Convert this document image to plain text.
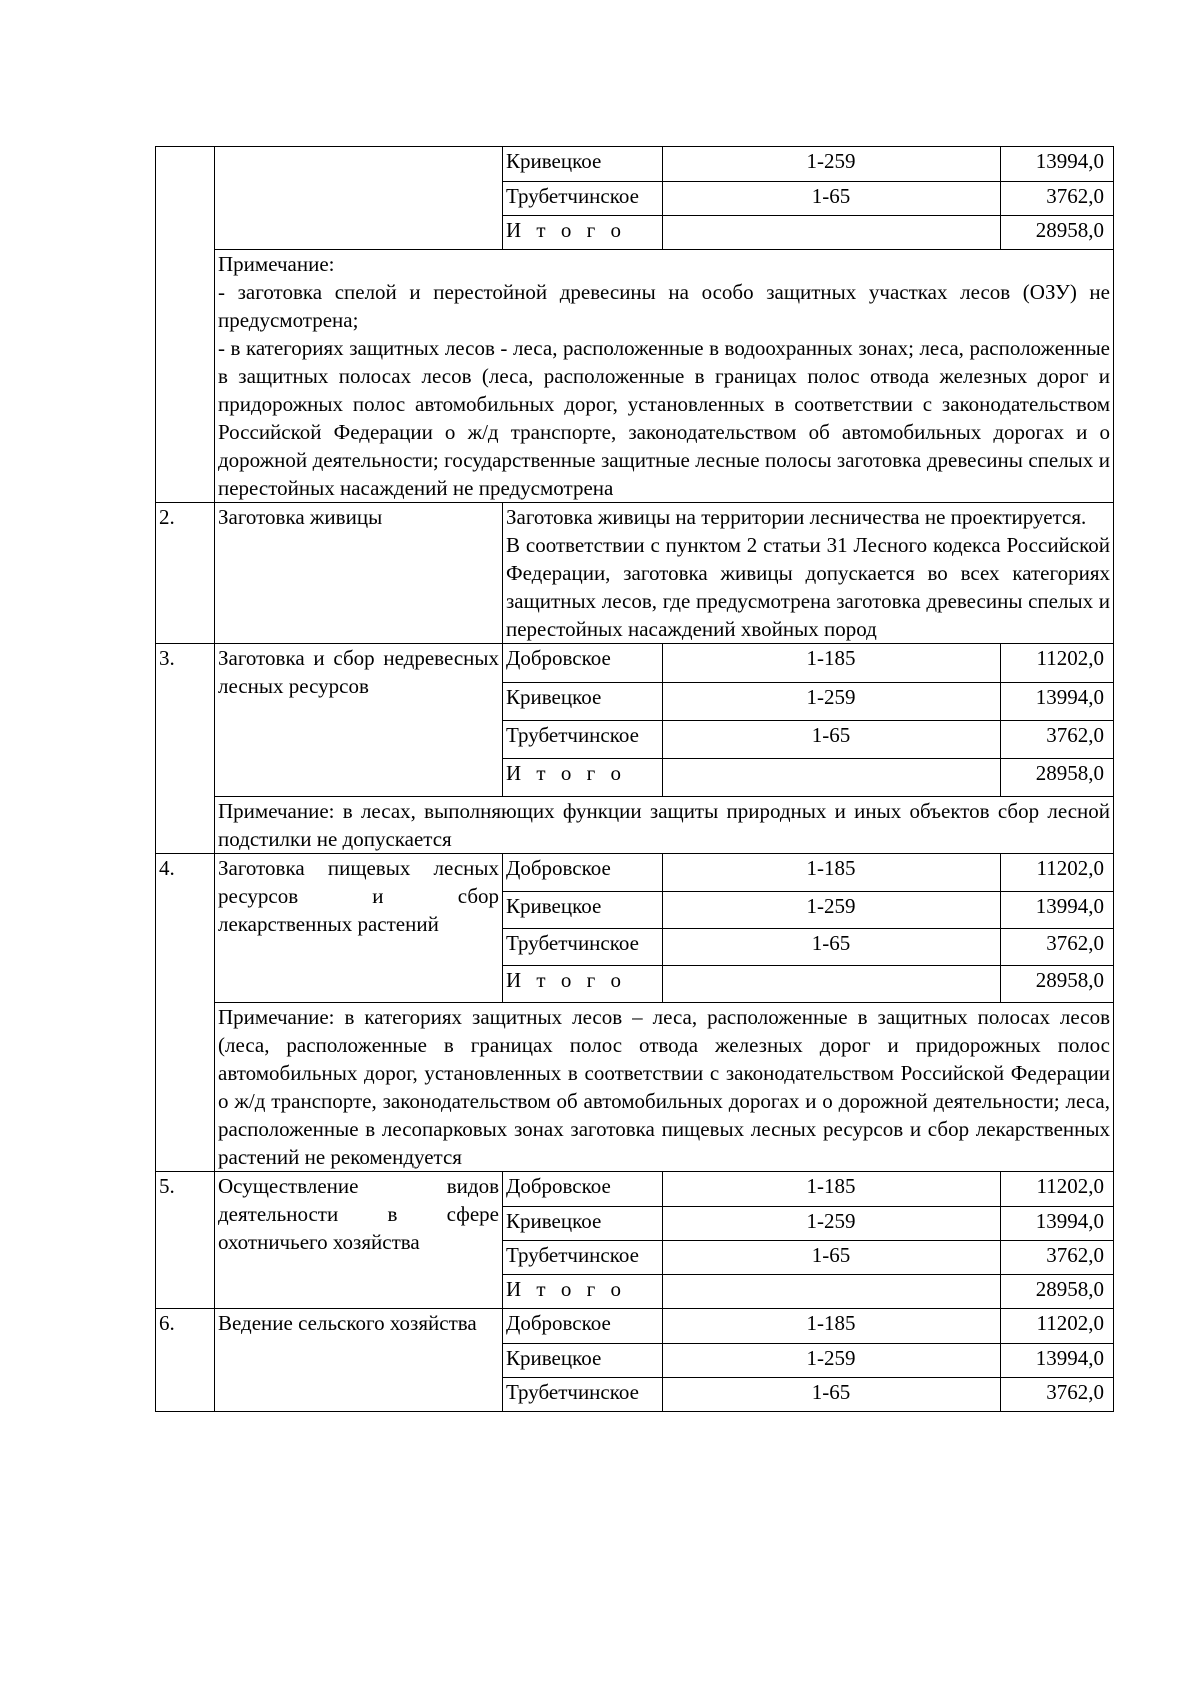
Кривецкое	1-259	13994,0
Трубетчинское	1-65	3762,0
И т о г о		28958,0

Примечание:
- заготовка спелой и перестойной древесины на особо защитных участках лесов (ОЗУ) не предусмотрена;
- в категориях защитных лесов - леса, расположенные в водоохранных зонах; леса, расположенные в защитных полосах лесов (леса, расположенные в границах полос отвода железных дорог и придорожных полос автомобильных дорог, установленных в соответствии с законодательством Российской Федерации о ж/д транспорте, законодательством об автомобильных дорогах и о дорожной деятельности; государственные защитные лесные полосы заготовка древесины спелых и перестойных насаждений не предусмотрена

2.	Заготовка живицы	Заготовка живицы на территории лесничества не проектируется.
В соответствии с пунктом 2 статьи 31 Лесного кодекса Российской Федерации, заготовка живицы допускается во всех категориях защитных лесов, где предусмотрена заготовка древесины спелых и перестойных насаждений хвойных пород

3.	Заготовка и сбор недревесных лесных ресурсов	
Добровское	1-185	11202,0
Кривецкое	1-259	13994,0
Трубетчинское	1-65	3762,0
И т о г о		28958,0

Примечание: в лесах, выполняющих функции защиты природных и иных объектов сбор лесной подстилки не допускается
4.	Заготовка пищевых лесных ресурсов и сбор лекарственных растений	
Добровское	1-185	11202,0
Кривецкое	1-259	13994,0
Трубетчинское	1-65	3762,0
И т о г о		28958,0

Примечание: в категориях защитных лесов – леса, расположенные в защитных полосах лесов (леса, расположенные в границах полос отвода железных дорог и придорожных полос автомобильных дорог, установленных в соответствии с законодательством Российской Федерации о ж/д транспорте, законодательством об автомобильных дорогах и о дорожной деятельности; леса, расположенные в лесопарковых зонах заготовка пищевых лесных ресурсов и сбор лекарственных растений не рекомендуется
5.	Осуществление видов деятельности в сфере охотничьего хозяйства	
Добровское	1-185	11202,0
Кривецкое	1-259	13994,0
Трубетчинское	1-65	3762,0
И т о г о		28958,0

6.	Ведение сельского хозяйства	Добровское	1-185	11202,0
Кривецкое	1-259	13994,0
Трубетчинское	1-65	3762,0
